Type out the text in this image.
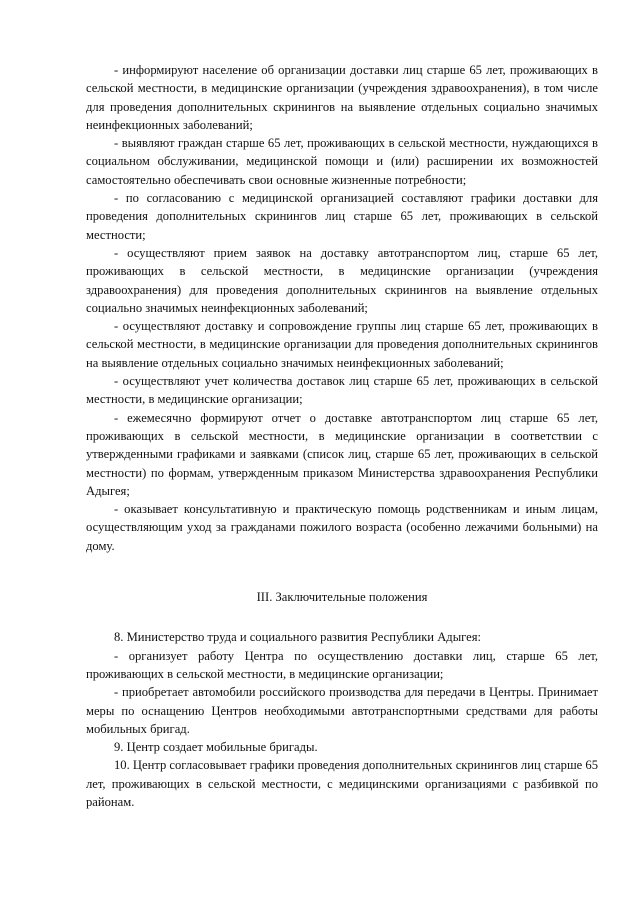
- информируют население об организации доставки лиц старше 65 лет, проживающих в сельской местности, в медицинские организации (учреждения здравоохранения), в том числе для проведения дополнительных скринингов на выявление отдельных социально значимых неинфекционных заболеваний;

- выявляют граждан старше 65 лет, проживающих в сельской местности, нуждающихся в социальном обслуживании, медицинской помощи и (или) расширении их возможностей самостоятельно обеспечивать свои основные жизненные потребности;

- по согласованию с медицинской организацией составляют графики доставки для проведения дополнительных скринингов лиц старше 65 лет, проживающих в сельской местности;

- осуществляют прием заявок на доставку автотранспортом лиц, старше 65 лет, проживающих в сельской местности, в медицинские организации (учреждения здравоохранения) для проведения дополнительных скринингов на выявление отдельных социально значимых неинфекционных заболеваний;

- осуществляют доставку и сопровождение группы лиц старше 65 лет, проживающих в сельской местности, в медицинские организации для проведения дополнительных скринингов на выявление отдельных социально значимых неинфекционных заболеваний;

- осуществляют учет количества доставок лиц старше 65 лет, проживающих в сельской местности, в медицинские организации;

- ежемесячно формируют отчет о доставке автотранспортом лиц старше 65 лет, проживающих в сельской местности, в медицинские организации в соответствии с утвержденными графиками и заявками (список лиц, старше 65 лет, проживающих в сельской местности) по формам, утвержденным приказом Министерства здравоохранения Республики Адыгея;

- оказывает консультативную и практическую помощь родственникам и иным лицам, осуществляющим уход за гражданами пожилого возраста (особенно лежачими больными) на дому.

III. Заключительные положения

8. Министерство труда и социального развития Республики Адыгея:

- организует работу Центра по осуществлению доставки лиц, старше 65 лет, проживающих в сельской местности, в медицинские организации;

- приобретает автомобили российского производства для передачи в Центры. Принимает меры по оснащению Центров необходимыми автотранспортными средствами для работы мобильных бригад.

9. Центр создает мобильные бригады.

10. Центр согласовывает графики проведения дополнительных скринингов лиц старше 65 лет, проживающих в сельской местности, с медицинскими организациями с разбивкой по районам.
